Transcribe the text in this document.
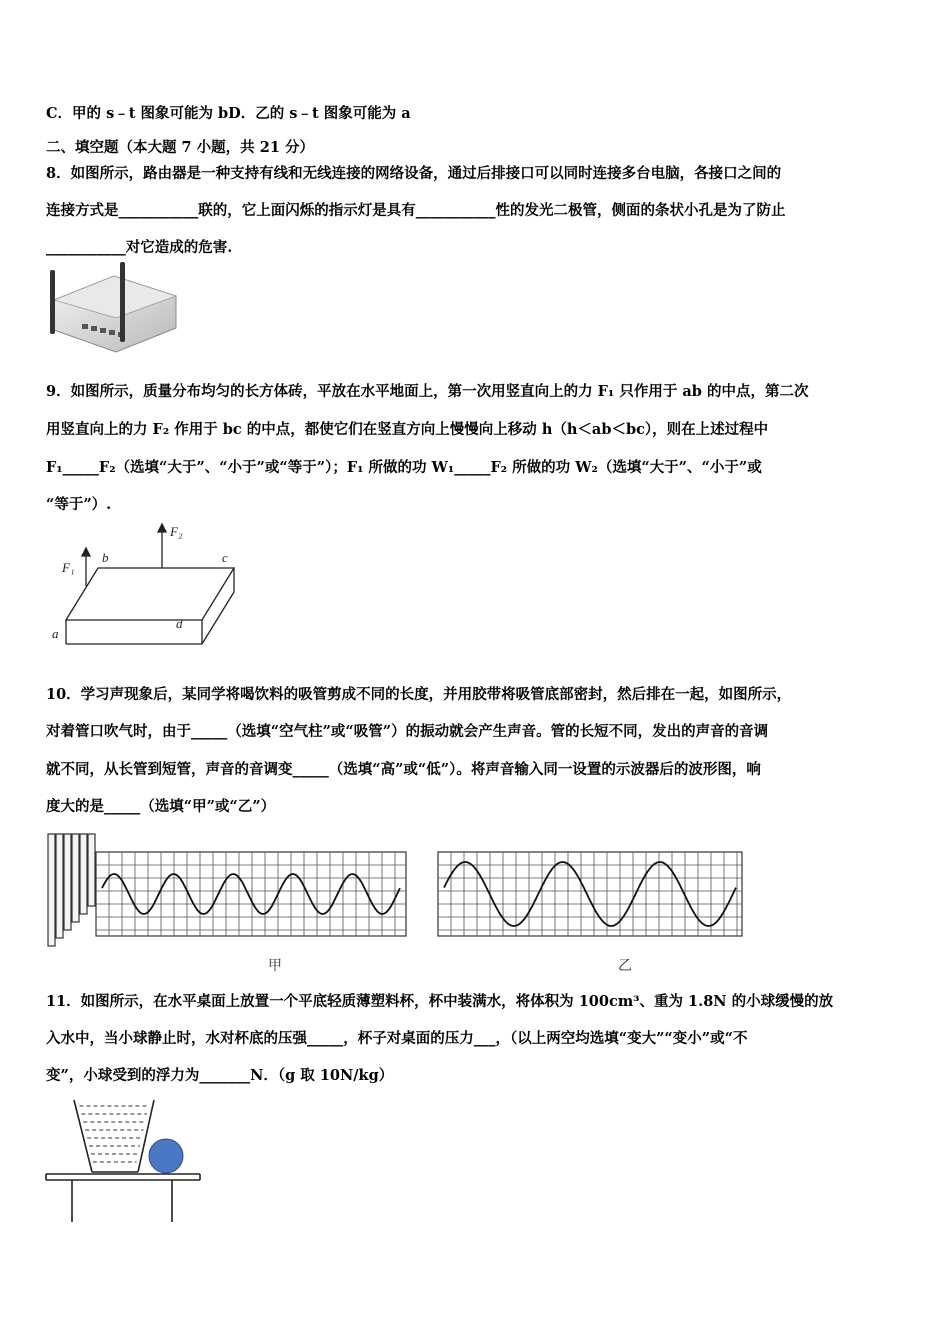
C．甲的 s﹣t 图象可能为 bD．乙的 s﹣t 图象可能为 a
二、填空题（本大题 7 小题，共 21 分）
8．如图所示，路由器是一种支持有线和无线连接的网络设备，通过后排接口可以同时连接多台电脑，各接口之间的
连接方式是___________联的，它上面闪烁的指示灯是具有___________性的发光二极管，侧面的条状小孔是为了防止
___________对它造成的危害.
9．如图所示，质量分布均匀的长方体砖，平放在水平地面上，第一次用竖直向上的力 F₁ 只作用于 ab 的中点，第二次
用竖直向上的力 F₂ 作用于 bc 的中点，都使它们在竖直方向上慢慢向上移动 h（h＜ab＜bc），则在上述过程中
F₁_____F₂（选填“大于”、“小于”或“等于”）；F₁ 所做的功 W₁_____F₂ 所做的功 W₂（选填“大于”、“小于”或
“等于”）.
F₁
F₂
a
b	c
d
10．学习声现象后，某同学将喝饮料的吸管剪成不同的长度，并用胶带将吸管底部密封，然后排在一起，如图所示，
对着管口吹气时，由于_____（选填“空气柱”或“吸管”）的振动就会产生声音。管的长短不同，发出的声音的音调
就不同，从长管到短管，声音的音调变_____（选填“高”或“低”）。将声音输入同一设置的示波器后的波形图，响
度大的是_____（选填“甲”或“乙”）
甲	乙
11．如图所示，在水平桌面上放置一个平底轻质薄塑料杯，杯中装满水，将体积为 100cm³、重为 1.8N 的小球缓慢的放
入水中，当小球静止时，水对杯底的压强_____，杯子对桌面的压力___，（以上两空均选填“变大”“变小”或“不
变”，小球受到的浮力为_______N．（g 取 10N/kg）
